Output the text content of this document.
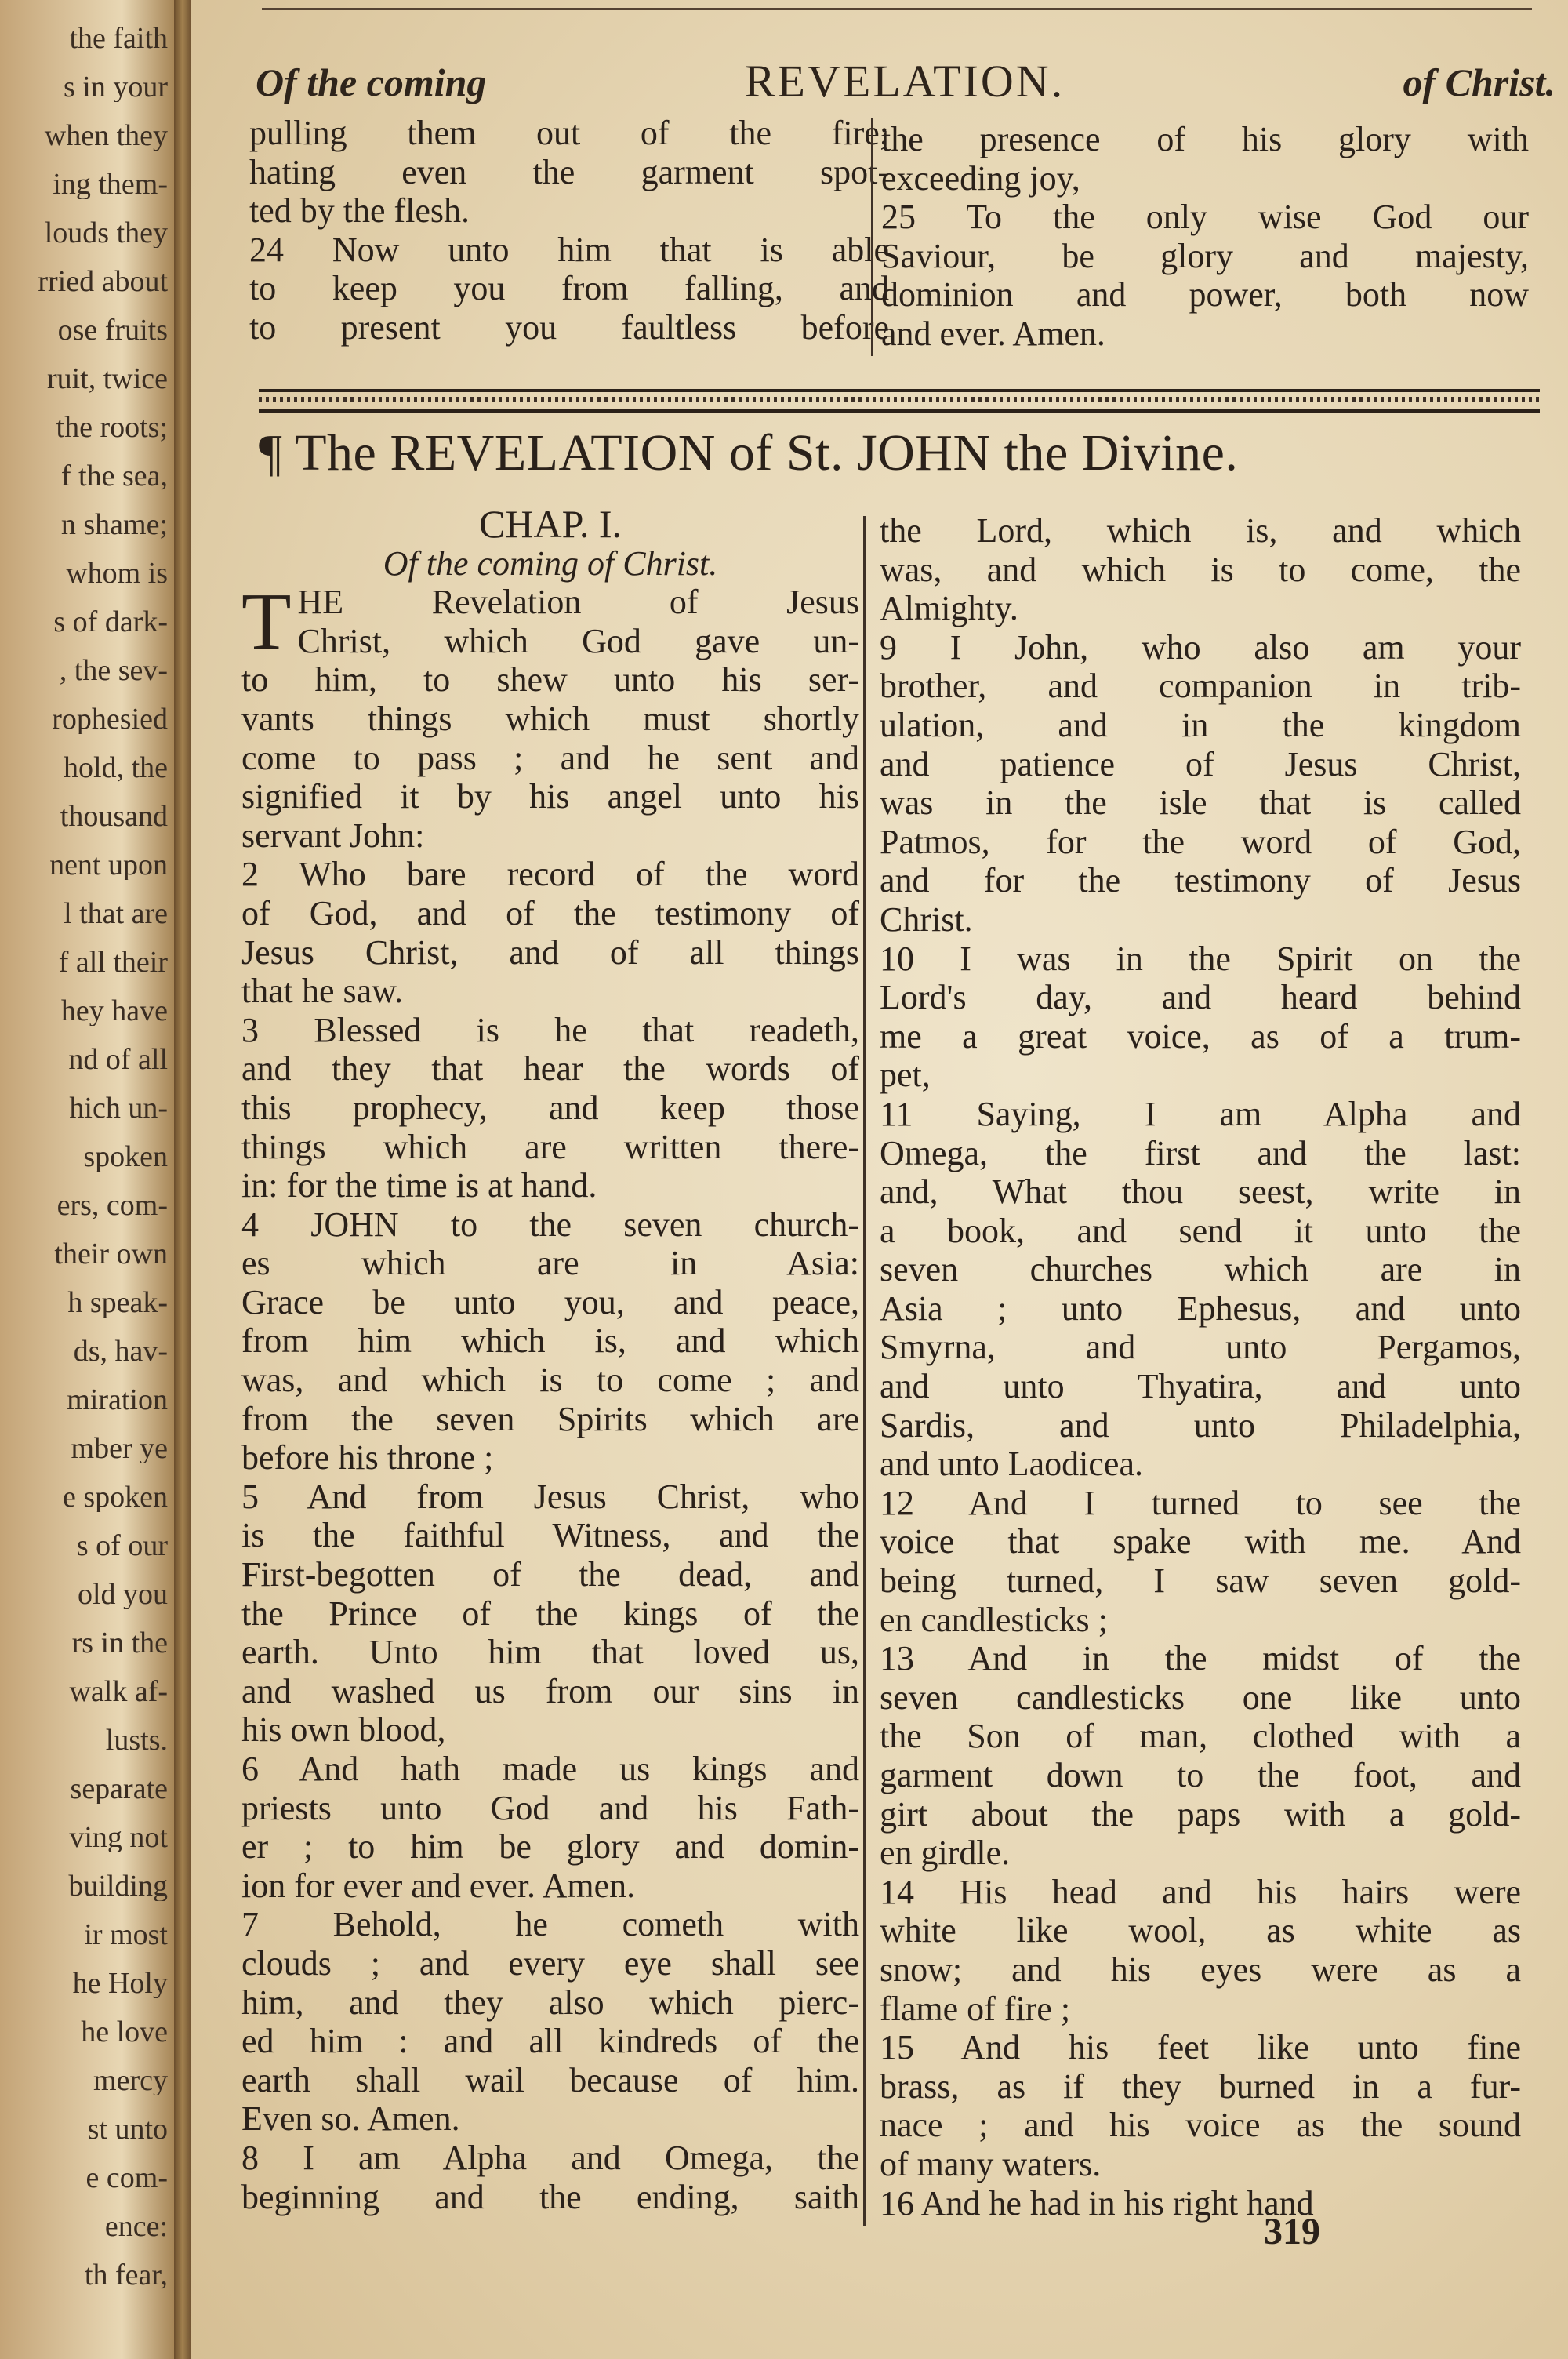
the faith
s in your
when they
ing them-
louds they
rried about
ose fruits
ruit, twice
the roots;
f the sea,
n shame;
whom is
s of dark-
, the sev-
rophesied
hold, the
thousand
nent upon
l that are
f all their
hey have
nd of all
hich un-
spoken
ers, com-
their own
h speak-
ds, hav-
miration
mber ye
e spoken
s of our
old you
rs in the
walk af-
lusts.
separate
ving not
building
ir most
he Holy
he love
mercy
st unto
e com-
ence:
th fear,
Of the coming	REVELATION.	of Christ.
pulling them out of the fire;
hating even the garment spot-
ted by the flesh.
24 Now unto him that is able
to keep you from falling, and
to present you faultless before
the presence of his glory with
exceeding joy,
25 To the only wise God our
Saviour, be glory and majesty,
dominion and power, both now
and ever. Amen.
¶ The REVELATION of St. JOHN the Divine.
CHAP. I.
Of the coming of Christ.
T HE Revelation of Jesus
Christ, which God gave un-
to him, to shew unto his ser-
vants things which must shortly
come to pass ; and he sent and
signified it by his angel unto his
servant John:
2 Who bare record of the word
of God, and of the testimony of
Jesus Christ, and of all things
that he saw.
3 Blessed is he that readeth,
and they that hear the words of
this prophecy, and keep those
things which are written there-
in: for the time is at hand.
4 JOHN to the seven church-
es which are in Asia:
Grace be unto you, and peace,
from him which is, and which
was, and which is to come ; and
from the seven Spirits which are
before his throne ;
5 And from Jesus Christ, who
is the faithful Witness, and the
First-begotten of the dead, and
the Prince of the kings of the
earth. Unto him that loved us,
and washed us from our sins in
his own blood,
6 And hath made us kings and
priests unto God and his Fath-
er ; to him be glory and domin-
ion for ever and ever. Amen.
7 Behold, he cometh with
clouds ; and every eye shall see
him, and they also which pierc-
ed him : and all kindreds of the
earth shall wail because of him.
Even so. Amen.
8 I am Alpha and Omega, the
beginning and the ending, saith
the Lord, which is, and which
was, and which is to come, the
Almighty.
9 I John, who also am your
brother, and companion in trib-
ulation, and in the kingdom
and patience of Jesus Christ,
was in the isle that is called
Patmos, for the word of God,
and for the testimony of Jesus
Christ.
10 I was in the Spirit on the
Lord's day, and heard behind
me a great voice, as of a trum-
pet,
11 Saying, I am Alpha and
Omega, the first and the last:
and, What thou seest, write in
a book, and send it unto the
seven churches which are in
Asia ; unto Ephesus, and unto
Smyrna, and unto Pergamos,
and unto Thyatira, and unto
Sardis, and unto Philadelphia,
and unto Laodicea.
12 And I turned to see the
voice that spake with me. And
being turned, I saw seven gold-
en candlesticks ;
13 And in the midst of the
seven candlesticks one like unto
the Son of man, clothed with a
garment down to the foot, and
girt about the paps with a gold-
en girdle.
14 His head and his hairs were
white like wool, as white as
snow; and his eyes were as a
flame of fire ;
15 And his feet like unto fine
brass, as if they burned in a fur-
nace ; and his voice as the sound
of many waters.
16 And he had in his right hand
319
